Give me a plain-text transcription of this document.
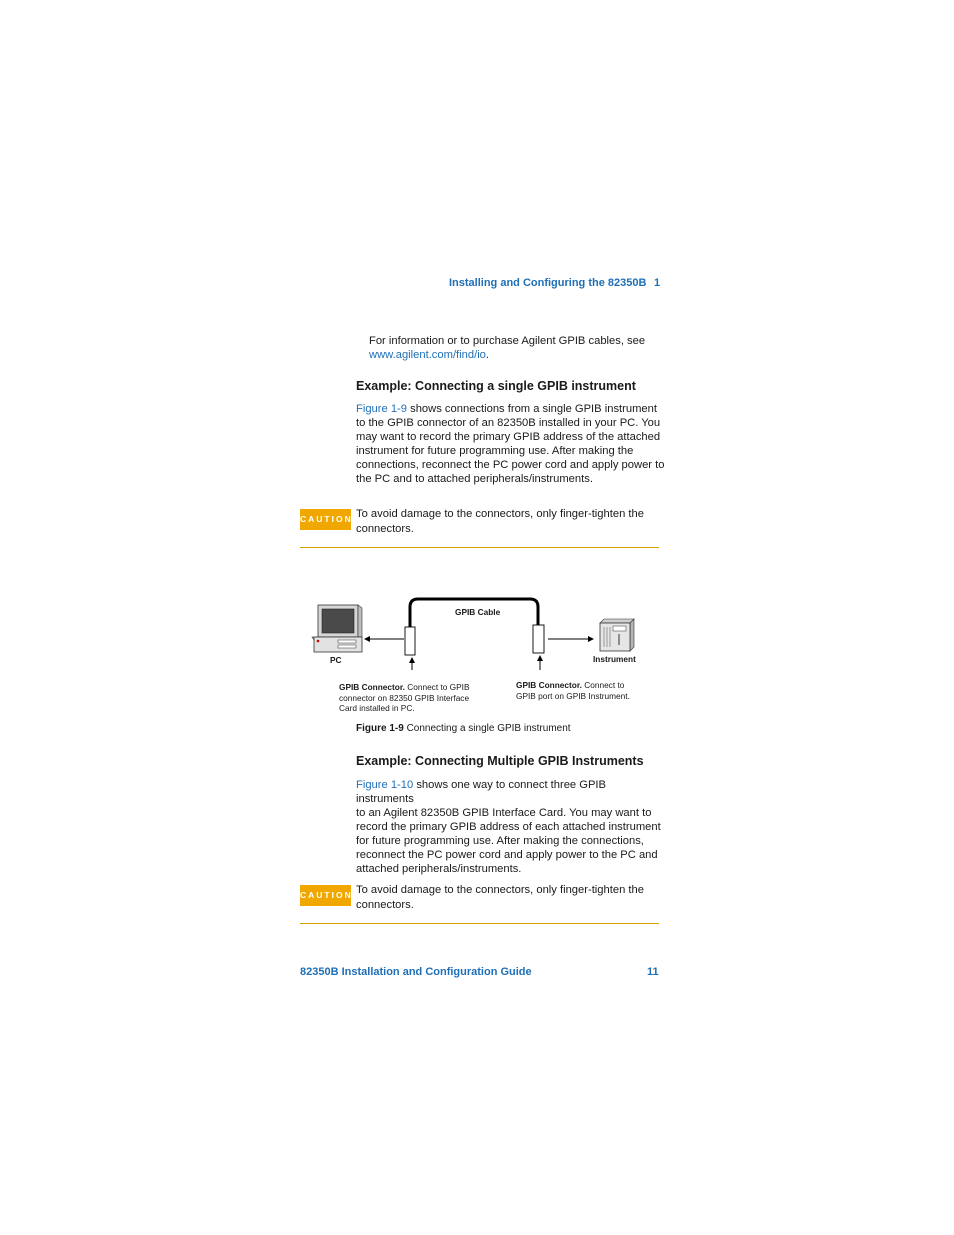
Installing and Configuring the 82350B 1
For information or to purchase Agilent GPIB cables, see
www.agilent.com/find/io.
Example: Connecting a single GPIB instrument
Figure 1-9 shows connections from a single GPIB instrument
to the GPIB connector of an 82350B installed in your PC. You
may want to record the primary GPIB address of the attached
instrument for future programming use. After making the
connections, reconnect the PC power cord and apply power to
the PC and to attached peripherals/instruments.
CAUTION To avoid damage to the connectors, only finger-tighten the
connectors.
GPIB Cable
PC	Instrument
GPIB Connector. Connect to GPIB
connector on 82350 GPIB Interface
Card installed in PC.
GPIB Connector. Connect to
GPIB port on GPIB Instrument.
Figure 1-9 Connecting a single GPIB instrument
Example: Connecting Multiple GPIB Instruments
Figure 1-10 shows one way to connect three GPIB instruments
to an Agilent 82350B GPIB Interface Card. You may want to
record the primary GPIB address of each attached instrument
for future programming use. After making the connections,
reconnect the PC power cord and apply power to the PC and
attached peripherals/instruments.
CAUTION To avoid damage to the connectors, only finger-tighten the
connectors.
82350B Installation and Configuration Guide	11
